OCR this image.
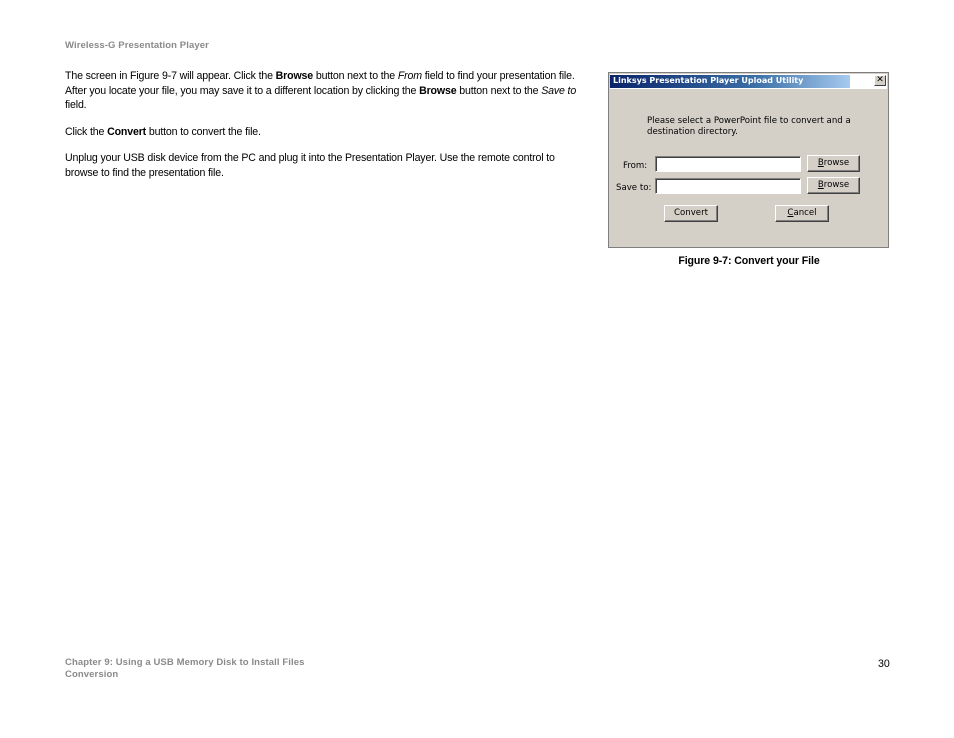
Wireless-G Presentation Player

The screen in Figure 9-7 will appear. Click the Browse button next to the From field to find your presentation file. After you locate your file, you may save it to a different location by clicking the Browse button next to the Save to field.

Click the Convert button to convert the file.

Unplug your USB disk device from the PC and plug it into the Presentation Player. Use the remote control to browse to find the presentation file.

Linksys Presentation Player Upload Utility	✕
Please select a PowerPoint file to convert and a destination directory.
From:	Browse
Save to:	Browse
Convert	Cancel
Figure 9-7: Convert your File
Chapter 9: Using a USB Memory Disk to Install Files
Conversion
30
